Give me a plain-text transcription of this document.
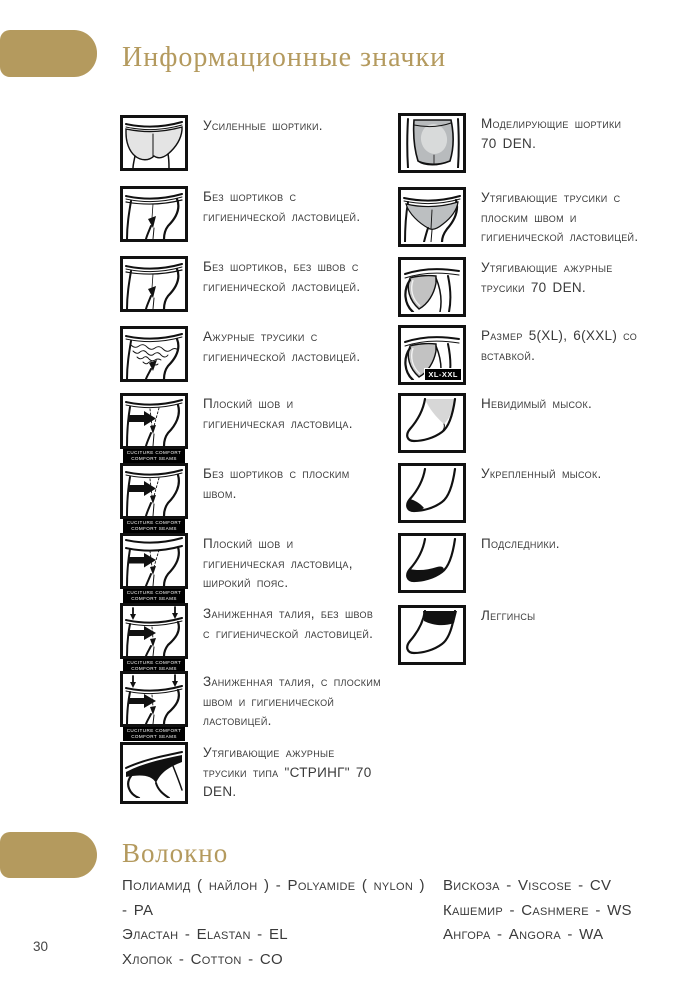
Информационные значки
Усиленные шортики.
Без шортиков с гигиенической ластовицей.
Без шортиков, без швов с гигиенической ластовицей.
Ажурные трусики с гигиенической ластовицей.
CUCITURE COMFORT
COMFORT SEAMS
Плоский шов и гигиеническая ластовица.
CUCITURE COMFORT
COMFORT SEAMS
Без шортиков с плоским швом.
CUCITURE COMFORT
COMFORT SEAMS
Плоский шов и гигиеническая ластовица, широкий пояс.
CUCITURE COMFORT
COMFORT SEAMS
Заниженная талия, без швов с гигиенической ластовицей.
CUCITURE COMFORT
COMFORT SEAMS
Заниженная талия, с плоским швом и гигиенической ластовицей.
Утягивающие ажурные трусики типа "СТРИНГ" 70 DEN.
Моделирующие шортики 70 DEN.
Утягивающие трусики с плоским швом и гигиенической ластовицей.
Утягивающие ажурные трусики 70 DEN.
XL-XXL
Размер 5(XL), 6(XXL) со вставкой.
Невидимый мысок.
Укрепленный мысок.
Подследники.
Леггинсы
Волокно
Полиамид ( найлон ) - Polyamide ( nylon ) - PA
Эластан - Elastan - EL
Хлопок - Cotton - CO
Вискоза - Viscose - CV
Кашемир - Cashmere - WS
Ангора - Angora - WA
30
